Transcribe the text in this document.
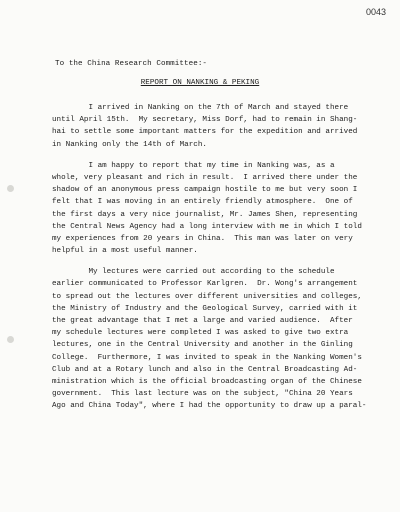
0043
To the China Research Committee:-
REPORT ON NANKING & PEKING
I arrived in Nanking on the 7th of March and stayed there
until April 15th.  My secretary, Miss Dorf, had to remain in Shang-
hai to settle some important matters for the expedition and arrived
in Nanking only the 14th of March.
I am happy to report that my time in Nanking was, as a
whole, very pleasant and rich in result.  I arrived there under the
shadow of an anonymous press campaign hostile to me but very soon I
felt that I was moving in an entirely friendly atmosphere.  One of
the first days a very nice journalist, Mr. James Shen, representing
the Central News Agency had a long interview with me in which I told
my experiences from 20 years in China.  This man was later on very
helpful in a most useful manner.
My lectures were carried out according to the schedule
earlier communicated to Professor Karlgren.  Dr. Wong's arrangement
to spread out the lectures over different universities and colleges,
the Ministry of Industry and the Geological Survey, carried with it
the great advantage that I met a large and varied audience.  After
my schedule lectures were completed I was asked to give two extra
lectures, one in the Central University and another in the Ginling
College.  Furthermore, I was invited to speak in the Nanking Women's
Club and at a Rotary lunch and also in the Central Broadcasting Ad-
ministration which is the official broadcasting organ of the Chinese
government.  This last lecture was on the subject, "China 20 Years
Ago and China Today", where I had the opportunity to draw up a paral-
